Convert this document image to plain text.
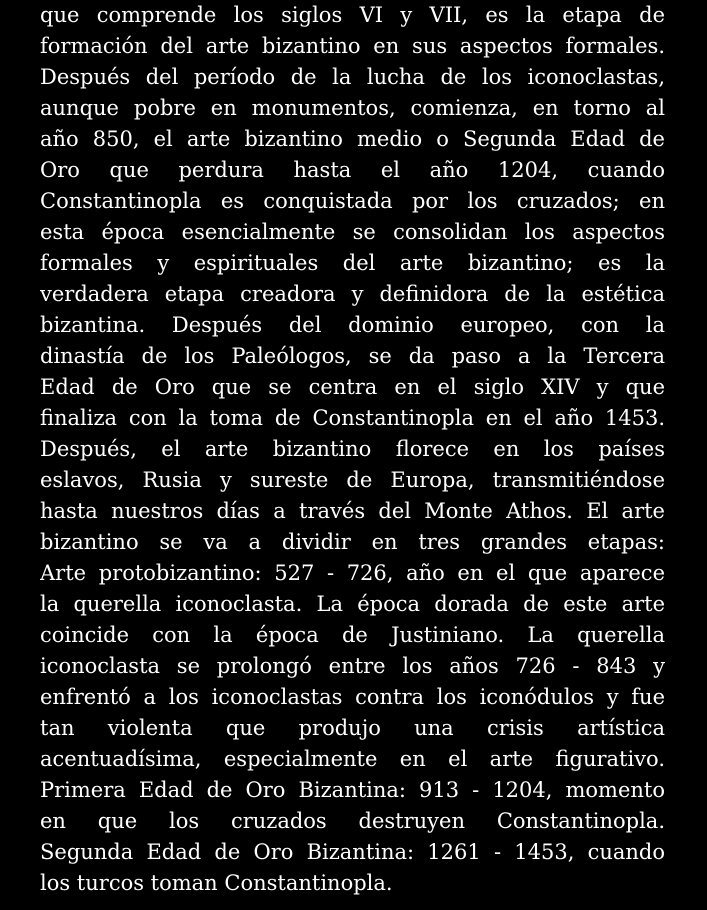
que comprende los siglos VI y VII, es la etapa de
formación del arte bizantino en sus aspectos formales.
Después del período de la lucha de los iconoclastas,
aunque pobre en monumentos, comienza, en torno al
año 850, el arte bizantino medio o Segunda Edad de
Oro que perdura hasta el año 1204, cuando
Constantinopla es conquistada por los cruzados; en
esta época esencialmente se consolidan los aspectos
formales y espirituales del arte bizantino; es la
verdadera etapa creadora y definidora de la estética
bizantina. Después del dominio europeo, con la
dinastía de los Paleólogos, se da paso a la Tercera
Edad de Oro que se centra en el siglo XIV y que
finaliza con la toma de Constantinopla en el año 1453.
Después, el arte bizantino florece en los países
eslavos, Rusia y sureste de Europa, transmitiéndose
hasta nuestros días a través del Monte Athos. El arte
bizantino se va a dividir en tres grandes etapas:
Arte protobizantino: 527 - 726, año en el que aparece
la querella iconoclasta. La época dorada de este arte
coincide con la época de Justiniano. La querella
iconoclasta se prolongó entre los años 726 - 843 y
enfrentó a los iconoclastas contra los iconódulos y fue
tan violenta que produjo una crisis artística
acentuadísima, especialmente en el arte figurativo.
Primera Edad de Oro Bizantina: 913 - 1204, momento
en que los cruzados destruyen Constantinopla.
Segunda Edad de Oro Bizantina: 1261 - 1453, cuando
los turcos toman Constantinopla.
